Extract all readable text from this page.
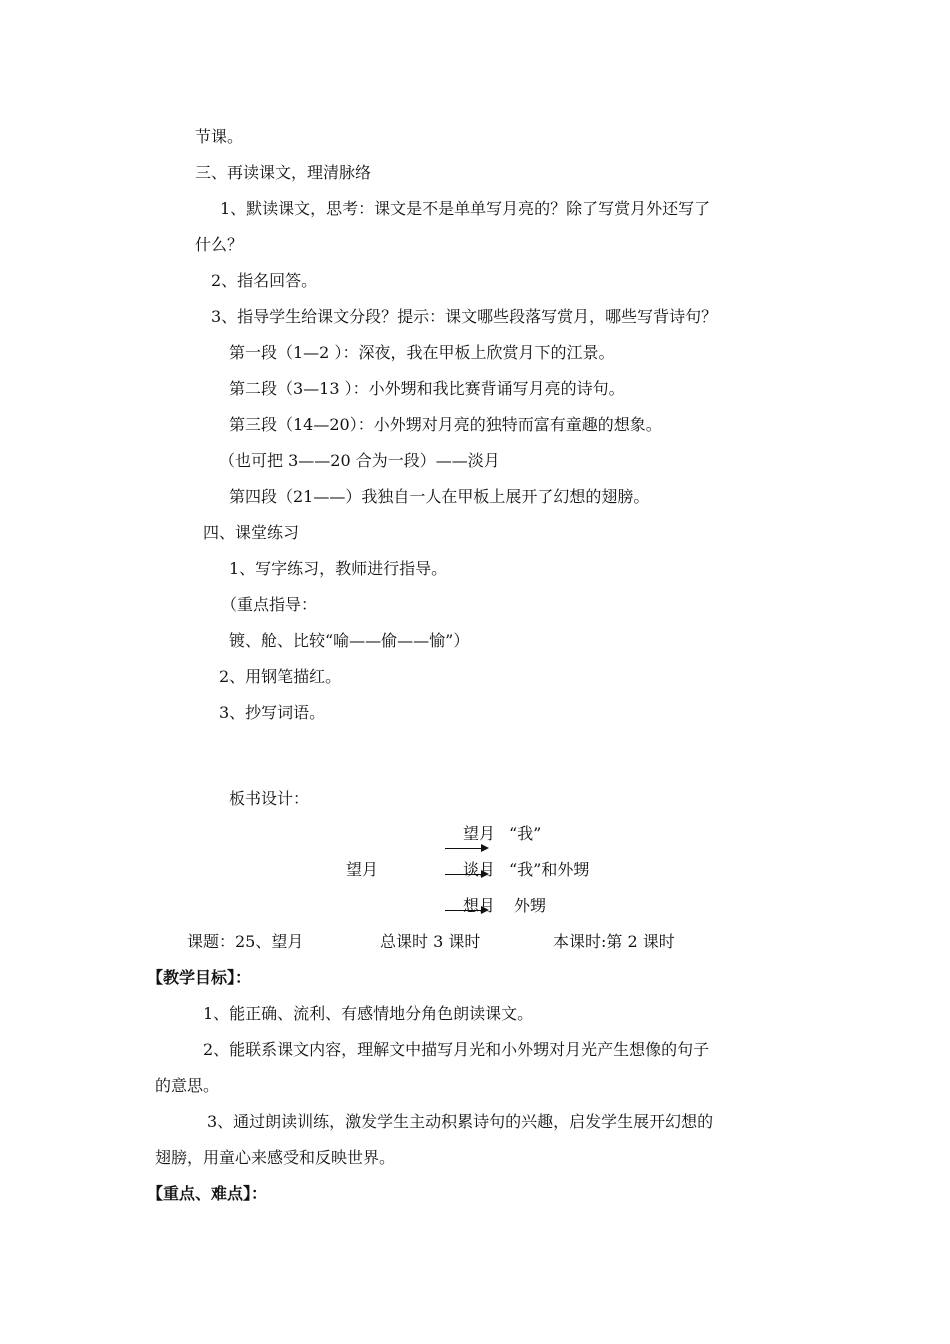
节课。
三、再读课文，理清脉络
1、默读课文，思考：课文是不是单单写月亮的？除了写赏月外还写了
什么？
2、指名回答。
3、指导学生给课文分段？提示：课文哪些段落写赏月，哪些写背诗句？
第一段（1—2 ）：深夜，我在甲板上欣赏月下的江景。
第二段（3—13 ）：小外甥和我比赛背诵写月亮的诗句。
第三段（14—20）：小外甥对月亮的独特而富有童趣的想象。
（也可把 3——20 合为一段）——淡月
第四段（21——）我独自一人在甲板上展开了幻想的翅膀。
四、课堂练习
1、写字练习，教师进行指导。
（重点指导：
镀、舱、比较“喻——偷——愉”）
2、用钢笔描红。
3、抄写词语。
板书设计：
望月
望月 “我”
谈月 “我”和外甥
想月 外甥
课题：25、望月	总课时 3 课时	本课时:第 2 课时
【教学目标】：
1、能正确、流利、有感情地分角色朗读课文。
2、能联系课文内容，理解文中描写月光和小外甥对月光产生想像的句子
的意思。
3、通过朗读训练，激发学生主动积累诗句的兴趣，启发学生展开幻想的
翅膀，用童心来感受和反映世界。
【重点、难点】：
